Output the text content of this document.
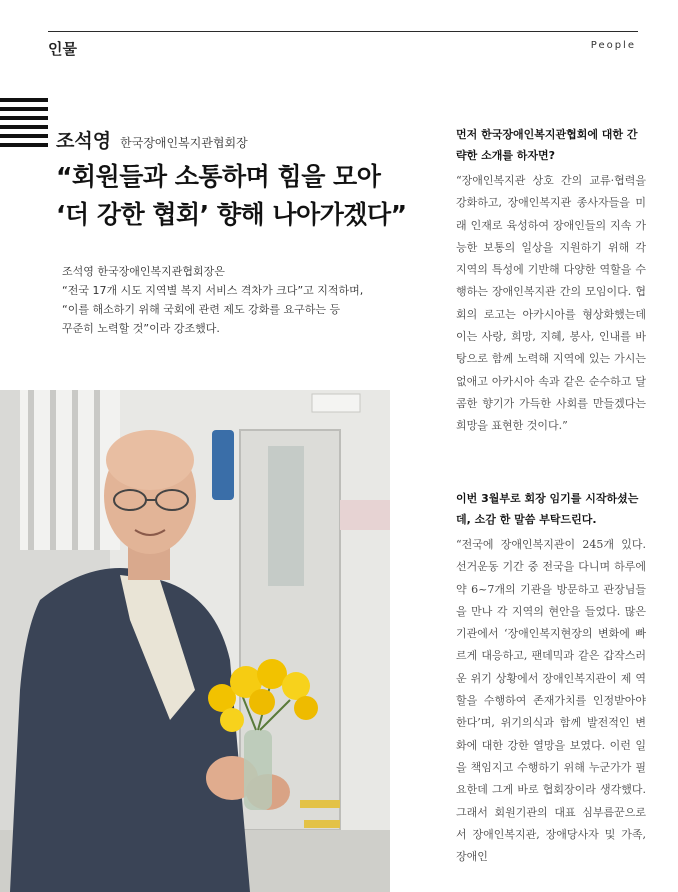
인물	People
조석영 한국장애인복지관협회장
“회원들과 소통하며 힘을 모아
‘더 강한 협회’ 향해 나아가겠다”
조석영 한국장애인복지관협회장은
“전국 17개 시도 지역별 복지 서비스 격차가 크다”고 지적하며,
“이를 해소하기 위해 국회에 관련 제도 강화를 요구하는 등
꾸준히 노력할 것”이라 강조했다.

먼저 한국장애인복지관협회에 대한 간략한 소개를 하자면?

“장애인복지관 상호 간의 교류·협력을 강화하고, 장애인복지관 종사자들을 미래 인재로 육성하여 장애인들의 지속 가능한 보통의 일상을 지원하기 위해 각 지역의 특성에 기반해 다양한 역할을 수행하는 장애인복지관 간의 모임이다. 협회의 로고는 아카시아를 형상화했는데 이는 사랑, 희망, 지혜, 봉사, 인내를 바탕으로 함께 노력해 지역에 있는 가시는 없애고 아카시아 속과 같은 순수하고 달콤한 향기가 가득한 사회를 만들겠다는 희망을 표현한 것이다.”

이번 3월부로 회장 임기를 시작하셨는데, 소감 한 말씀 부탁드린다.

“전국에 장애인복지관이 245개 있다. 선거운동 기간 중 전국을 다니며 하루에 약 6~7개의 기관을 방문하고 관장님들을 만나 각 지역의 현안을 들었다. 많은 기관에서 ‘장애인복지현장의 변화에 빠르게 대응하고, 팬데믹과 같은 갑작스러운 위기 상황에서 장애인복지관이 제 역할을 수행하여 존재가치를 인정받아야 한다’며, 위기의식과 함께 발전적인 변화에 대한 강한 열망을 보였다. 이런 일을 책임지고 수행하기 위해 누군가가 필요한데 그게 바로 협회장이라 생각했다. 그래서 회원기관의 대표 심부름꾼으로서 장애인복지관, 장애당사자 및 가족, 장애인
